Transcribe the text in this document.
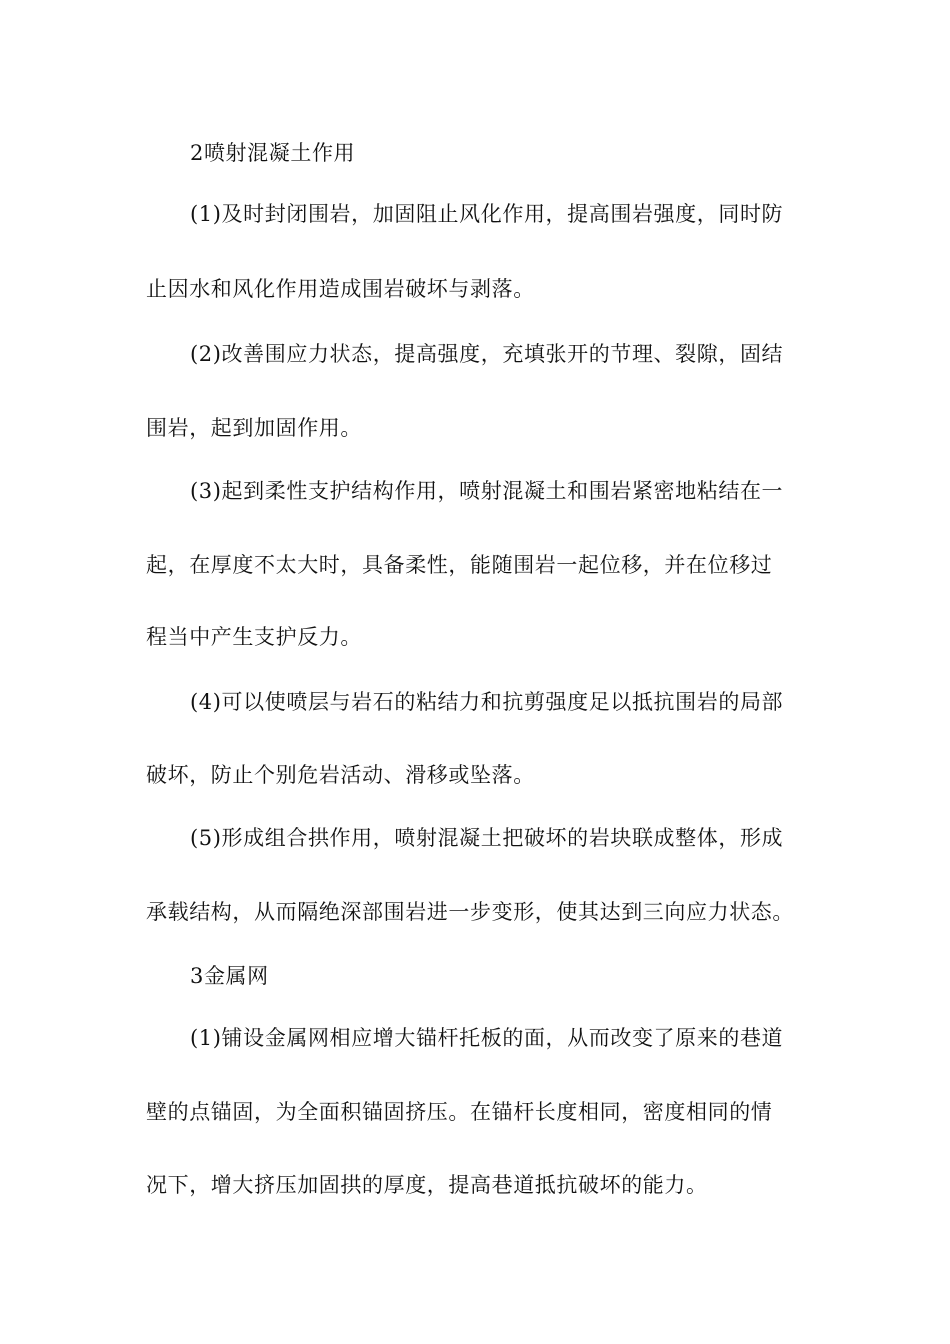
2喷射混凝土作用
(1)及时封闭围岩，加固阻止风化作用，提高围岩强度，同时防
止因水和风化作用造成围岩破坏与剥落。
(2)改善围应力状态，提高强度，充填张开的节理、裂隙，固结
围岩，起到加固作用。
(3)起到柔性支护结构作用，喷射混凝土和围岩紧密地粘结在一
起，在厚度不太大时，具备柔性，能随围岩一起位移，并在位移过
程当中产生支护反力。
(4)可以使喷层与岩石的粘结力和抗剪强度足以抵抗围岩的局部
破坏，防止个别危岩活动、滑移或坠落。
(5)形成组合拱作用，喷射混凝土把破坏的岩块联成整体，形成
承载结构，从而隔绝深部围岩进一步变形，使其达到三向应力状态。
3金属网
(1)铺设金属网相应增大锚杆托板的面，从而改变了原来的巷道
壁的点锚固，为全面积锚固挤压。在锚杆长度相同，密度相同的情
况下，增大挤压加固拱的厚度，提高巷道抵抗破坏的能力。
